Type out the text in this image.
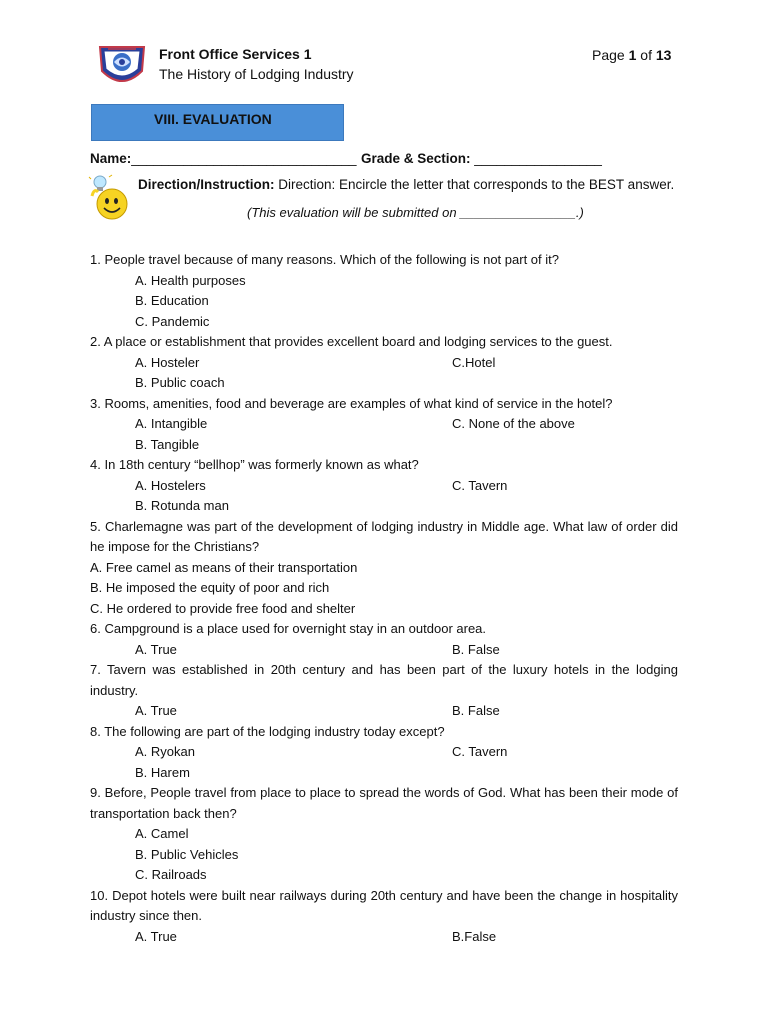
Front Office Services 1
The History of Lodging Industry
Page 1 of 13
VIII. EVALUATION
Name:______________________________ Grade & Section: _________________
Direction/Instruction: Direction: Encircle the letter that corresponds to the BEST answer.
(This evaluation will be submitted on ________________.)
1. People travel because of many reasons. Which of the following is not part of it?
A. Health purposes
B. Education
C. Pandemic
2. A place or establishment that provides excellent board and lodging services to the guest.
A. Hosteler	C.Hotel
B. Public coach
3. Rooms, amenities, food and beverage are examples of what kind of service in the hotel?
A. Intangible	C. None of the above
B. Tangible
4. In 18th century “bellhop” was formerly known as what?
A. Hostelers	C. Tavern
B. Rotunda man
5. Charlemagne was part of the development of lodging industry in Middle age. What law of order did he impose for the Christians?
A. Free camel as means of their transportation
B. He imposed the equity of poor and rich
C. He ordered to provide free food and shelter
6. Campground is a place used for overnight stay in an outdoor area.
A. True	B. False
7. Tavern was established in 20th century and has been part of the luxury hotels in the lodging industry.
A. True	B. False
8. The following are part of the lodging industry today except?
A. Ryokan	C. Tavern
B. Harem
9. Before, People travel from place to place to spread the words of God. What has been their mode of transportation back then?
A. Camel
B. Public Vehicles
C. Railroads
10. Depot hotels were built near railways during 20th century and have been the change in hospitality industry since then.
A. True	B.False
